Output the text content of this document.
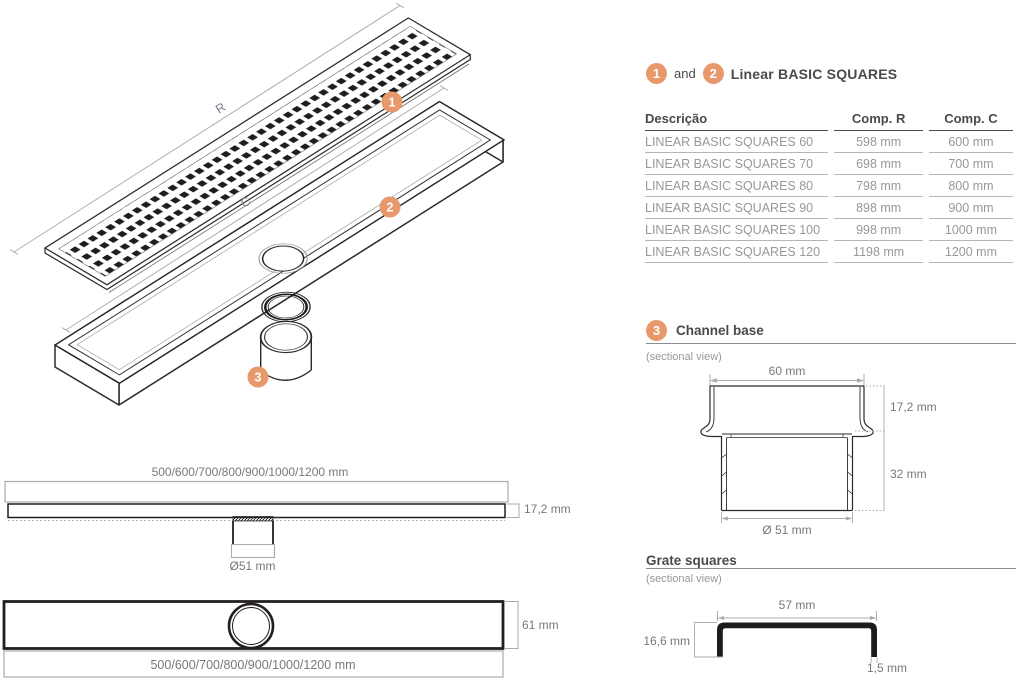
R
C
1
2
3
1	and	2 Linear BASIC SQUARES
Descrição	Comp. R	Comp. C
LINEAR BASIC SQUARES 60	598 mm	600 mm
LINEAR BASIC SQUARES 70	698 mm	700 mm
LINEAR BASIC SQUARES 80	798 mm	800 mm
LINEAR BASIC SQUARES 90	898 mm	900 mm
LINEAR BASIC SQUARES 100	998 mm	1000 mm
LINEAR BASIC SQUARES 120	1198 mm	1200 mm
3	Channel base
(sectional view)
60 mm
17,2 mm
32 mm
Ø 51 mm
Grate squares
(sectional view)
57 mm
16,6 mm
1,5 mm
500/600/700/800/900/1000/1200 mm
Ø51 mm
17,2 mm
500/600/700/800/900/1000/1200 mm
61 mm
